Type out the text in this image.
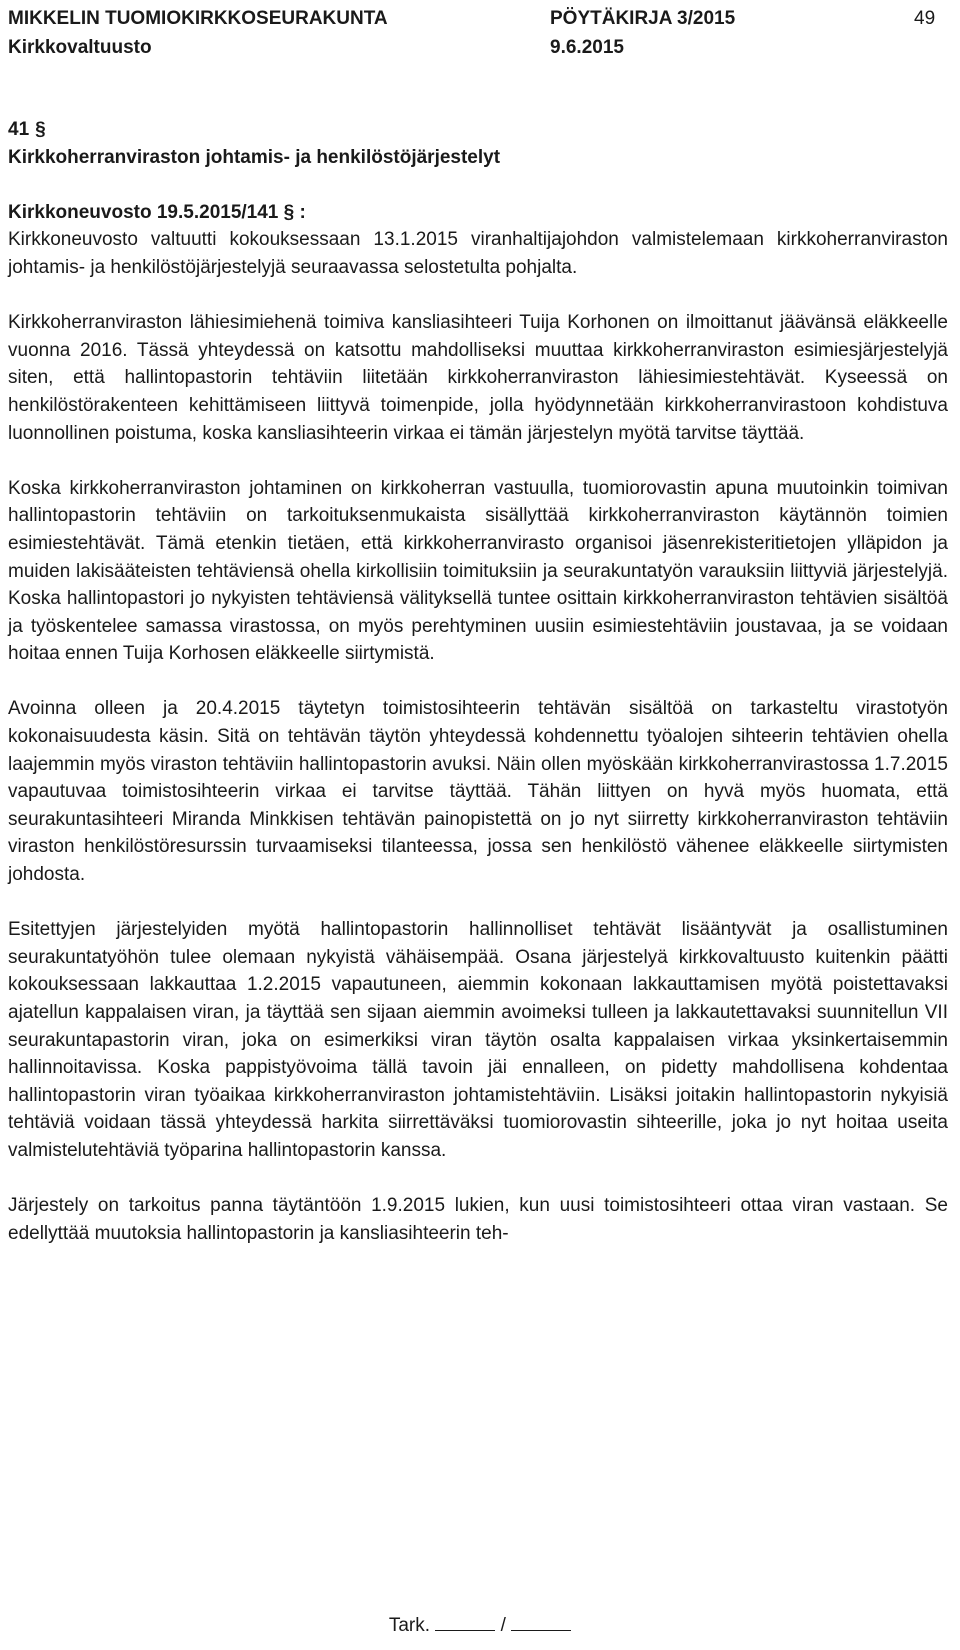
MIKKELIN TUOMIOKIRKKOSEURAKUNTA	PÖYTÄKIRJA 3/2015	49
Kirkkovaltuusto	9.6.2015
41 §
Kirkkoherranviraston johtamis- ja henkilöstöjärjestelyt
Kirkkoneuvosto 19.5.2015/141 § :

Kirkkoneuvosto valtuutti kokouksessaan 13.1.2015 viranhaltijajohdon valmistelemaan kirkkoherranviraston johtamis- ja henkilöstöjärjestelyjä seuraavassa selostetulta pohjalta.

Kirkkoherranviraston lähiesimiehenä toimiva kansliasihteeri Tuija Korhonen on ilmoittanut jäävänsä eläkkeelle vuonna 2016. Tässä yhteydessä on katsottu mahdolliseksi muuttaa kirkkoherranviraston esimiesjärjestelyjä siten, että hallintopastorin tehtäviin liitetään kirkkoherranviraston lähiesimiestehtävät. Kyseessä on henkilöstörakenteen kehittämiseen liittyvä toimenpide, jolla hyödynnetään kirkkoherranvirastoon kohdistuva luonnollinen poistuma, koska kansliasihteerin virkaa ei tämän järjestelyn myötä tarvitse täyttää.

Koska kirkkoherranviraston johtaminen on kirkkoherran vastuulla, tuomiorovastin apuna muutoinkin toimivan hallintopastorin tehtäviin on tarkoituksenmukaista sisällyttää kirkkoherranviraston käytännön toimien esimiestehtävät. Tämä etenkin tietäen, että kirkkoherranvirasto organisoi jäsenrekisteritietojen ylläpidon ja muiden lakisääteisten tehtäviensä ohella kirkollisiin toimituksiin ja seurakuntatyön varauksiin liittyviä järjestelyjä. Koska hallintopastori jo nykyisten tehtäviensä välityksellä tuntee osittain kirkkoherranviraston tehtävien sisältöä ja työskentelee samassa virastossa, on myös perehtyminen uusiin esimiestehtäviin joustavaa, ja se voidaan hoitaa ennen Tuija Korhosen eläkkeelle siirtymistä.

Avoinna olleen ja 20.4.2015 täytetyn toimistosihteerin tehtävän sisältöä on tarkasteltu virastotyön kokonaisuudesta käsin. Sitä on tehtävän täytön yhteydessä kohdennettu työalojen sihteerin tehtävien ohella laajemmin myös viraston tehtäviin hallintopastorin avuksi. Näin ollen myöskään kirkkoherranvirastossa 1.7.2015 vapautuvaa toimistosihteerin virkaa ei tarvitse täyttää. Tähän liittyen on hyvä myös huomata, että seurakuntasihteeri Miranda Minkkisen tehtävän painopistettä on jo nyt siirretty kirkkoherranviraston tehtäviin viraston henkilöstöresurssin turvaamiseksi tilanteessa, jossa sen henkilöstö vähenee eläkkeelle siirtymisten johdosta.

Esitettyjen järjestelyiden myötä hallintopastorin hallinnolliset tehtävät lisääntyvät ja osallistuminen seurakuntatyöhön tulee olemaan nykyistä vähäisempää. Osana järjestelyä kirkkovaltuusto kuitenkin päätti kokouksessaan lakkauttaa 1.2.2015 vapautuneen, aiemmin kokonaan lakkauttamisen myötä poistettavaksi ajatellun kappalaisen viran, ja täyttää sen sijaan aiemmin avoimeksi tulleen ja lakkautettavaksi suunnitellun VII seurakuntapastorin viran, joka on esimerkiksi viran täytön osalta kappalaisen virkaa yksinkertaisemmin hallinnoitavissa. Koska pappistyövoima tällä tavoin jäi ennalleen, on pidetty mahdollisena kohdentaa hallintopastorin viran työaikaa kirkkoherranviraston johtamistehtäviin. Lisäksi joitakin hallintopastorin nykyisiä tehtäviä voidaan tässä yhteydessä harkita siirrettäväksi tuomiorovastin sihteerille, joka jo nyt hoitaa useita valmistelutehtäviä työparina hallintopastorin kanssa.

Järjestely on tarkoitus panna täytäntöön 1.9.2015 lukien, kun uusi toimistosihteeri ottaa viran vastaan. Se edellyttää muutoksia hallintopastorin ja kansliasihteerin teh-

Tark.	/
